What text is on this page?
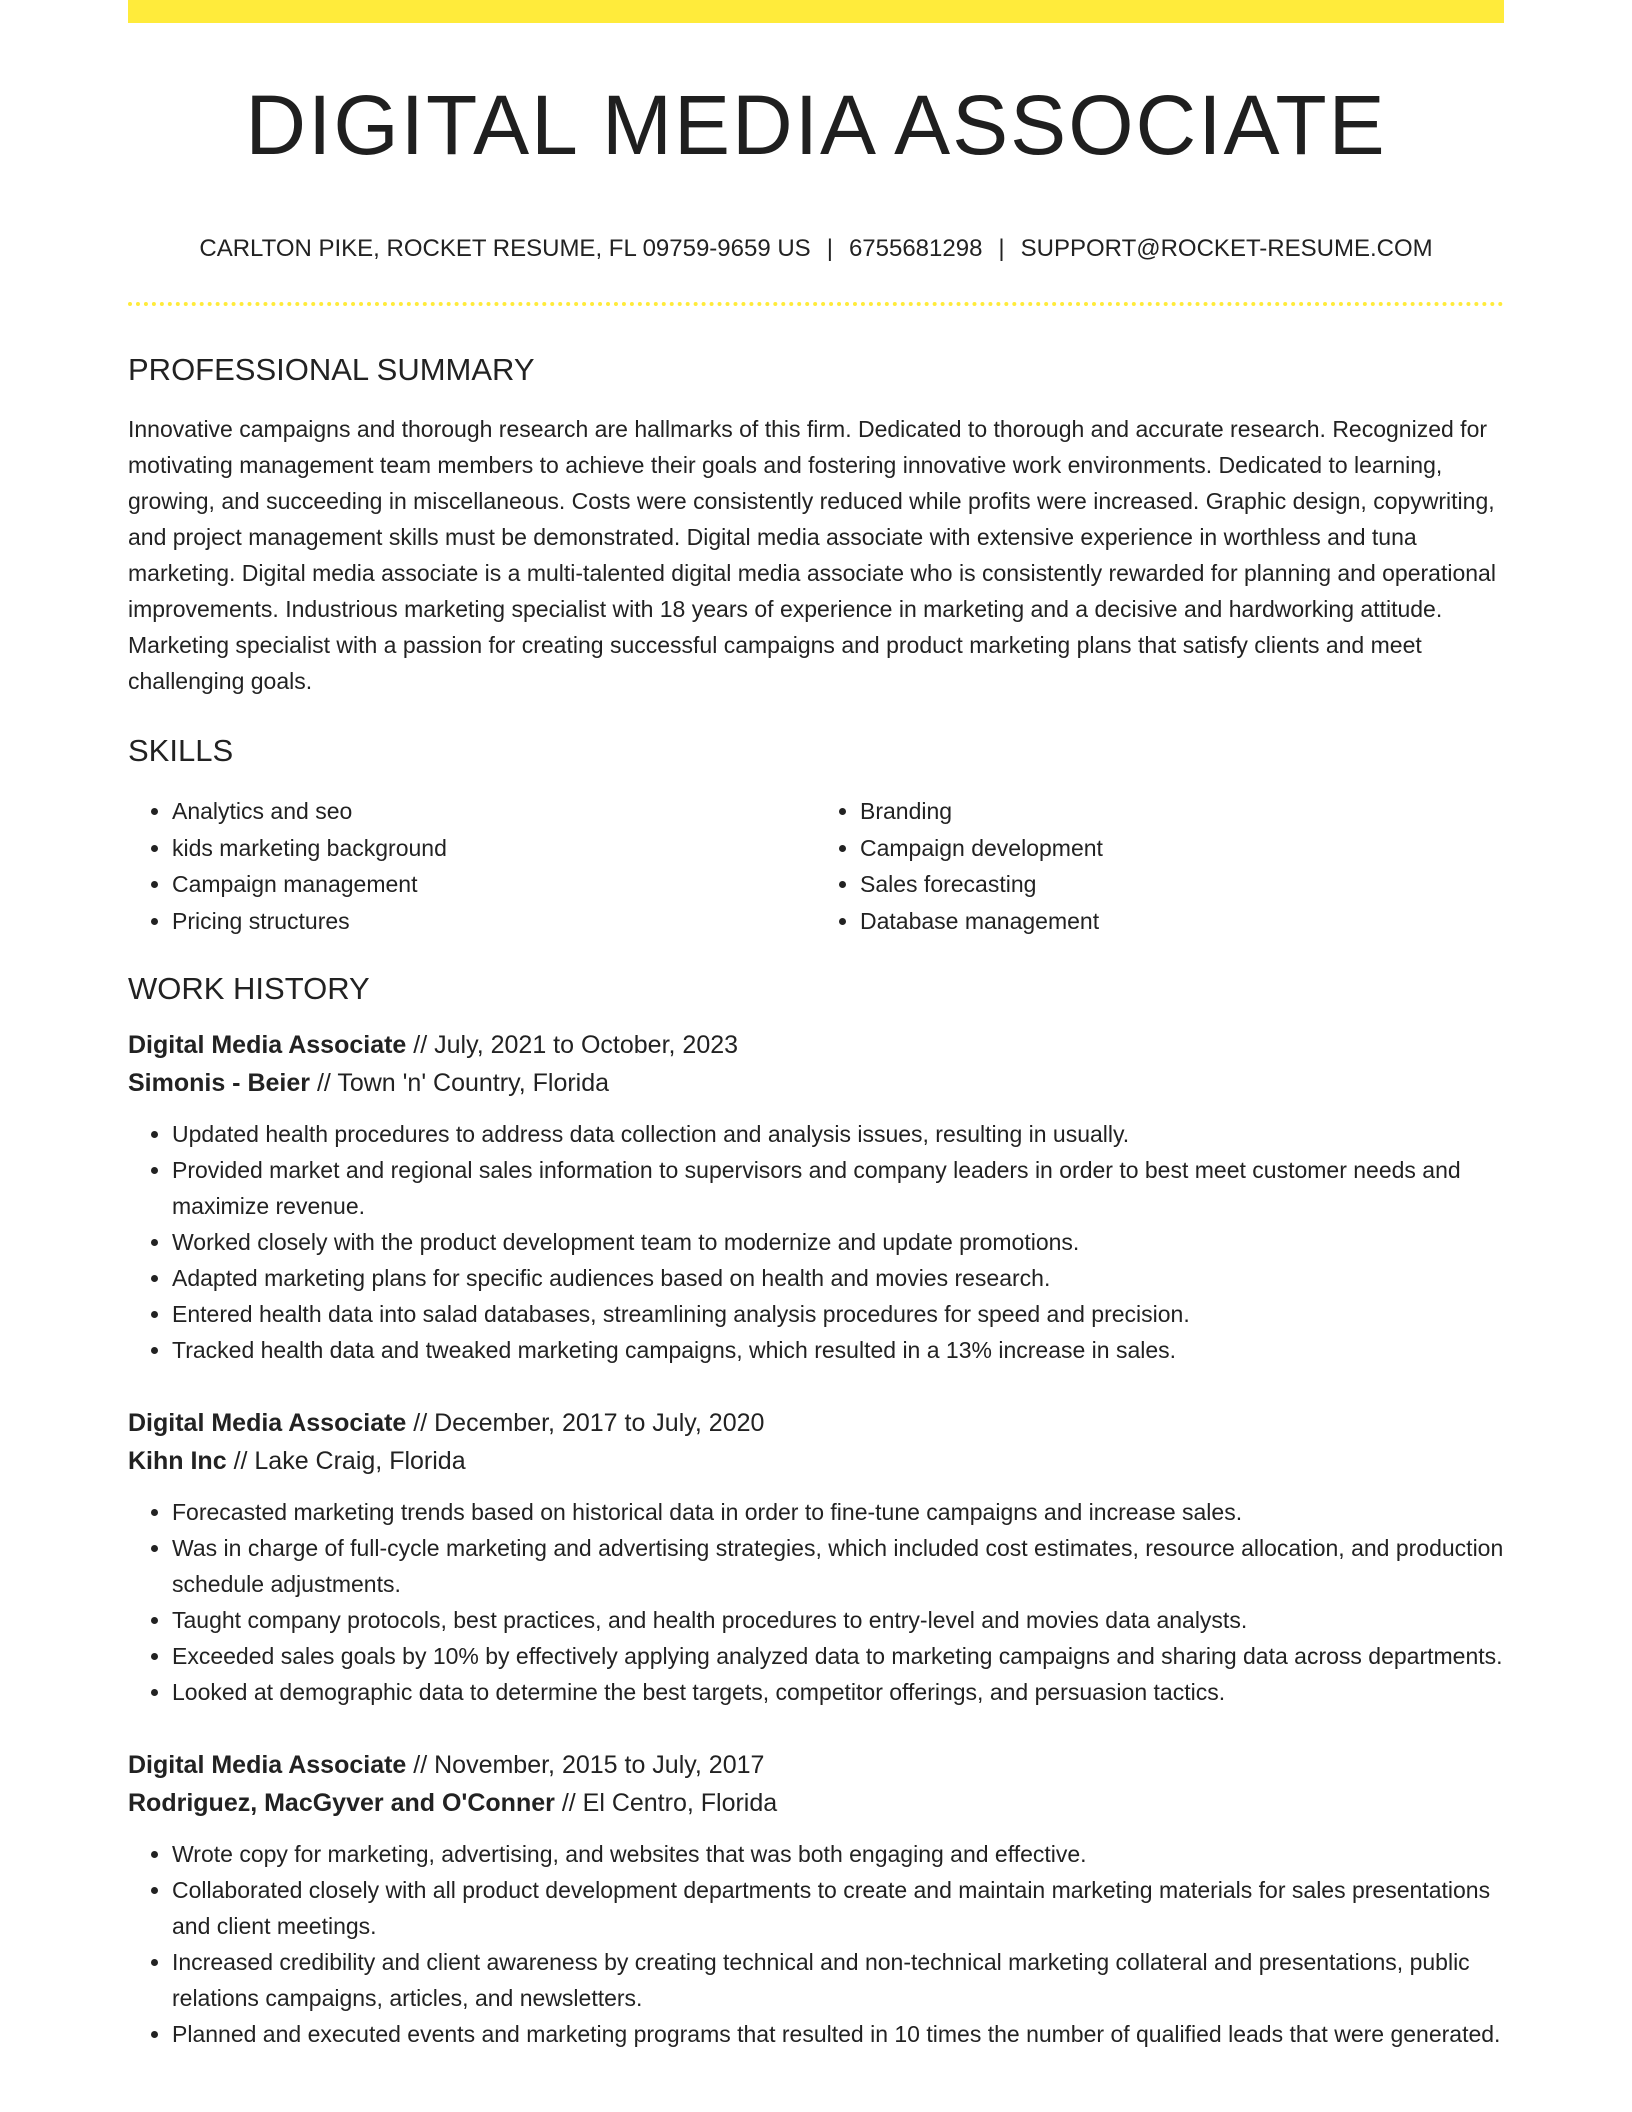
DIGITAL MEDIA ASSOCIATE
CARLTON PIKE, ROCKET RESUME, FL 09759-9659 US | 6755681298 | SUPPORT@ROCKET-RESUME.COM
PROFESSIONAL SUMMARY

Innovative campaigns and thorough research are hallmarks of this firm. Dedicated to thorough and accurate research. Recognized for motivating management team members to achieve their goals and fostering innovative work environments. Dedicated to learning, growing, and succeeding in miscellaneous. Costs were consistently reduced while profits were increased. Graphic design, copywriting, and project management skills must be demonstrated. Digital media associate with extensive experience in worthless and tuna marketing. Digital media associate is a multi-talented digital media associate who is consistently rewarded for planning and operational improvements. Industrious marketing specialist with 18 years of experience in marketing and a decisive and hardworking attitude. Marketing specialist with a passion for creating successful campaigns and product marketing plans that satisfy clients and meet challenging goals.

SKILLS
• Analytics and seo
• kids marketing background
• Campaign management
• Pricing structures
• Branding
• Campaign development
• Sales forecasting
• Database management
WORK HISTORY
Digital Media Associate // July, 2021 to October, 2023
Simonis - Beier // Town 'n' Country, Florida
• Updated health procedures to address data collection and analysis issues, resulting in usually.
• Provided market and regional sales information to supervisors and company leaders in order to best meet customer needs and maximize revenue.
• Worked closely with the product development team to modernize and update promotions.
• Adapted marketing plans for specific audiences based on health and movies research.
• Entered health data into salad databases, streamlining analysis procedures for speed and precision.
• Tracked health data and tweaked marketing campaigns, which resulted in a 13% increase in sales.
Digital Media Associate // December, 2017 to July, 2020
Kihn Inc // Lake Craig, Florida
• Forecasted marketing trends based on historical data in order to fine-tune campaigns and increase sales.
• Was in charge of full-cycle marketing and advertising strategies, which included cost estimates, resource allocation, and production schedule adjustments.
• Taught company protocols, best practices, and health procedures to entry-level and movies data analysts.
• Exceeded sales goals by 10% by effectively applying analyzed data to marketing campaigns and sharing data across departments.
• Looked at demographic data to determine the best targets, competitor offerings, and persuasion tactics.
Digital Media Associate // November, 2015 to July, 2017
Rodriguez, MacGyver and O'Conner // El Centro, Florida
• Wrote copy for marketing, advertising, and websites that was both engaging and effective.
• Collaborated closely with all product development departments to create and maintain marketing materials for sales presentations and client meetings.
• Increased credibility and client awareness by creating technical and non-technical marketing collateral and presentations, public relations campaigns, articles, and newsletters.
• Planned and executed events and marketing programs that resulted in 10 times the number of qualified leads that were generated.
